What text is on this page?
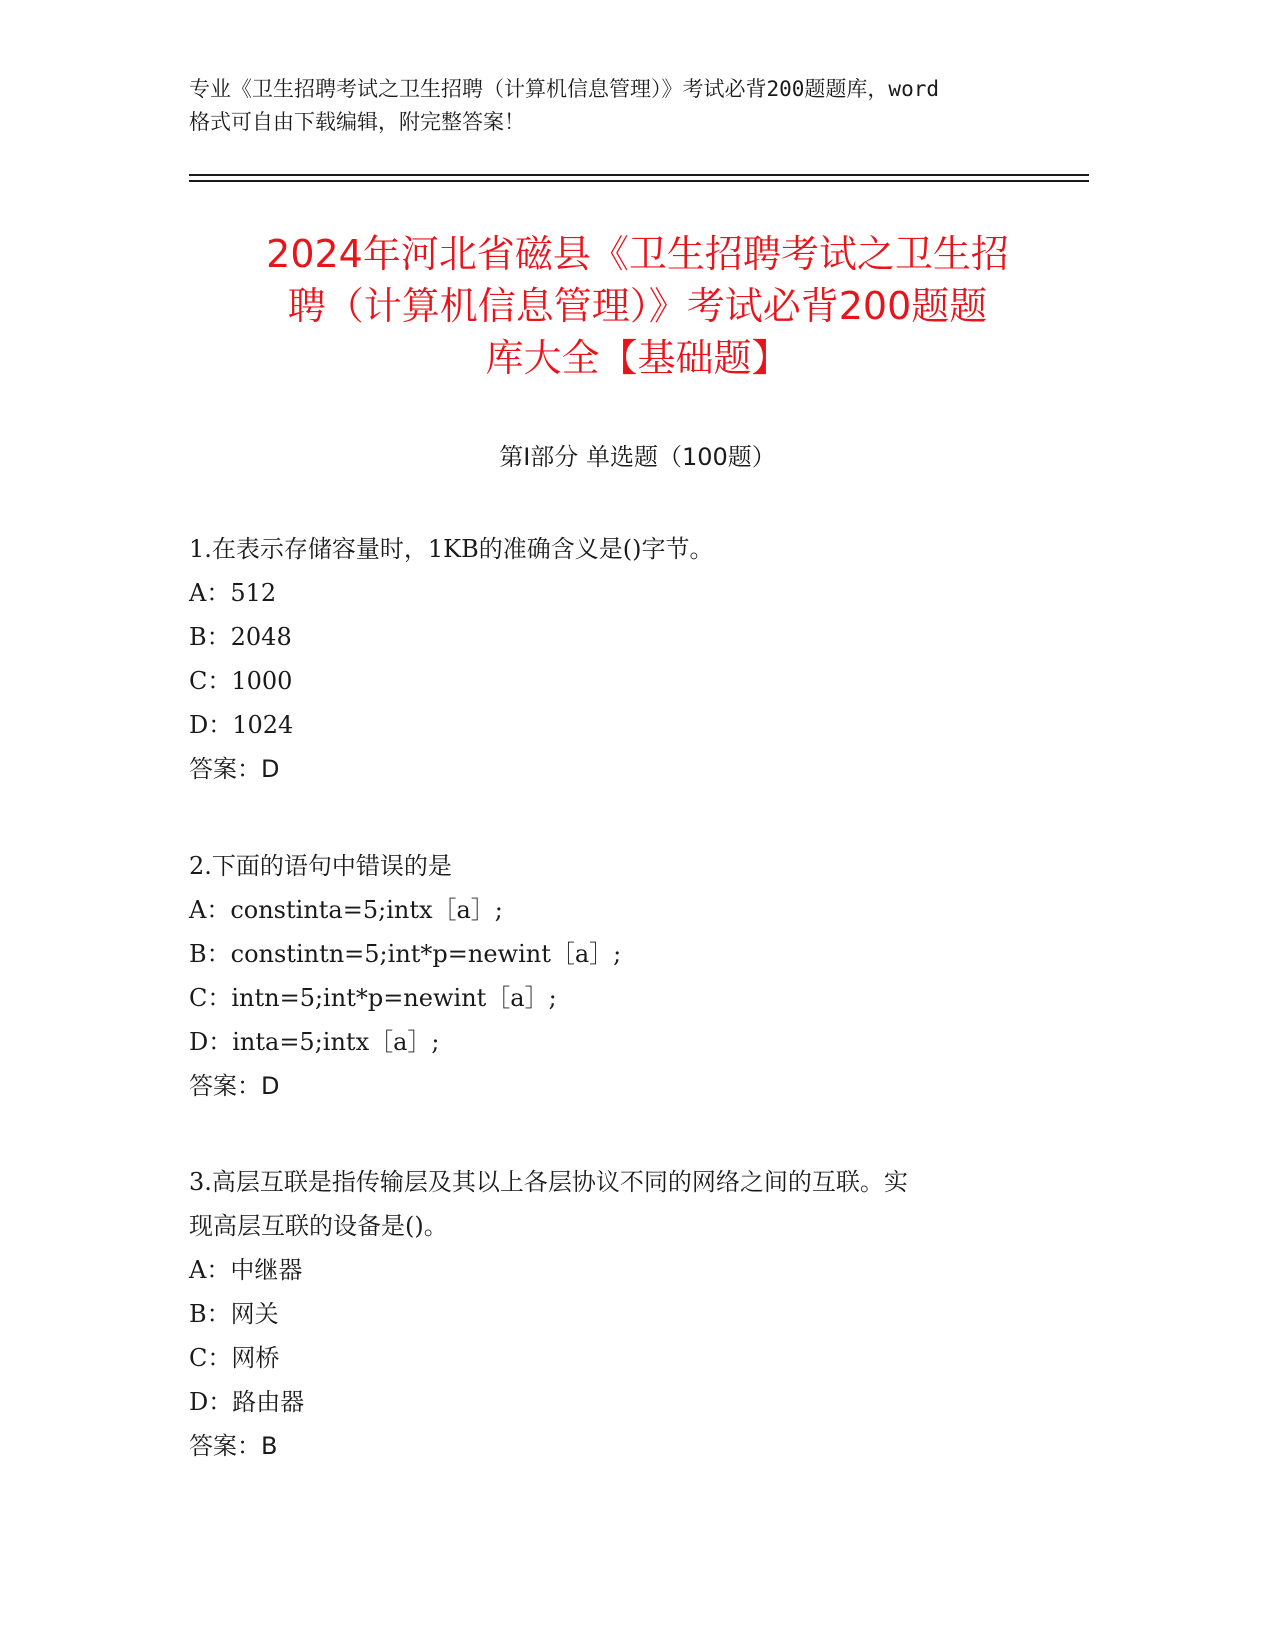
专业《卫生招聘考试之卫生招聘（计算机信息管理）》考试必背200题题库，word
格式可自由下载编辑，附完整答案！
2024年河北省磁县《卫生招聘考试之卫生招
聘（计算机信息管理）》考试必背200题题
库大全【基础题】
第Ⅰ部分 单选题（100题）
1.在表示存储容量时，1KB的准确含义是()字节。
A：512
B：2048
C：1000
D：1024
答案：D
2.下面的语句中错误的是
A：constinta=5;intx［a］;
B：constintn=5;int*p=newint［a］;
C：intn=5;int*p=newint［a］;
D：inta=5;intx［a］;
答案：D
3.高层互联是指传输层及其以上各层协议不同的网络之间的互联。实
现高层互联的设备是()。
A：中继器
B：网关
C：网桥
D：路由器
答案：B
